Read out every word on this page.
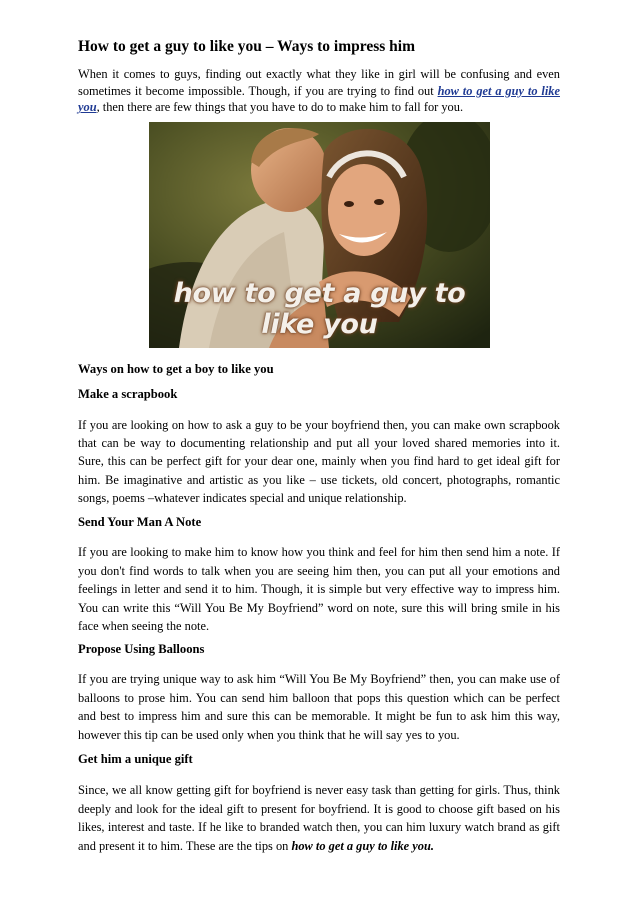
How to get a guy to like you – Ways to impress him

When it comes to guys, finding out exactly what they like in girl will be confusing and even sometimes it become impossible. Though, if you are trying to find out how to get a guy to like you, then there are few things that you have to do to make him to fall for you.

how to get a guy to like you
Ways on how to get a boy to like you
Make a scrapbook

If you are looking on how to ask a guy to be your boyfriend then, you can make own scrapbook that can be way to documenting relationship and put all your loved shared memories into it. Sure, this can be perfect gift for your dear one, mainly when you find hard to get ideal gift for him. Be imaginative and artistic as you like – use tickets, old concert, photographs, romantic songs, poems –whatever indicates special and unique relationship.

Send Your Man A Note

If you are looking to make him to know how you think and feel for him then send him a note. If you don't find words to talk when you are seeing him then, you can put all your emotions and feelings in letter and send it to him. Though, it is simple but very effective way to impress him. You can write this “Will You Be My Boyfriend” word on note, sure this will bring smile in his face when seeing the note.

Propose Using Balloons

If you are trying unique way to ask him “Will You Be My Boyfriend” then, you can make use of balloons to prose him. You can send him balloon that pops this question which can be perfect and best to impress him and sure this can be memorable. It might be fun to ask him this way, however this tip can be used only when you think that he will say yes to you.

Get him a unique gift

Since, we all know getting gift for boyfriend is never easy task than getting for girls. Thus, think deeply and look for the ideal gift to present for boyfriend. It is good to choose gift based on his likes, interest and taste. If he like to branded watch then, you can him luxury watch brand as gift and present it to him. These are the tips on how to get a guy to like you.
